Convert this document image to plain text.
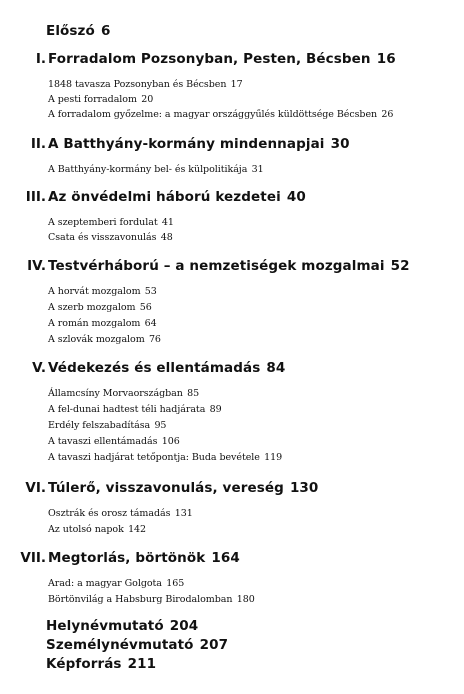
Előszó 6
I. Forradalom Pozsonyban, Pesten, Bécsben 16
1848 tavasza Pozsonyban és Bécsben 17
A pesti forradalom 20
A forradalom győzelme: a magyar országgyűlés küldöttsége Bécsben 26
II. A Batthyány-kormány mindennapjai 30
A Batthyány-kormány bel- és külpolitikája 31
III. Az önvédelmi háború kezdetei 40
A szeptemberi fordulat 41
Csata és visszavonulás 48
IV. Testvérháború – a nemzetiségek mozgalmai 52
A horvát mozgalom 53
A szerb mozgalom 56
A román mozgalom 64
A szlovák mozgalom 76
V. Védekezés és ellentámadás 84
Államcsíny Morvaországban 85
A fel-dunai hadtest téli hadjárata 89
Erdély felszabadítása 95
A tavaszi ellentámadás 106
A tavaszi hadjárat tetőpontja: Buda bevétele 119
VI. Túlerő, visszavonulás, vereség 130
Osztrák és orosz támadás 131
Az utolsó napok 142
VII. Megtorlás, börtönök 164
Arad: a magyar Golgota 165
Börtönvilág a Habsburg Birodalomban 180
Helynévmutató 204
Személynévmutató 207
Képforrás 211
